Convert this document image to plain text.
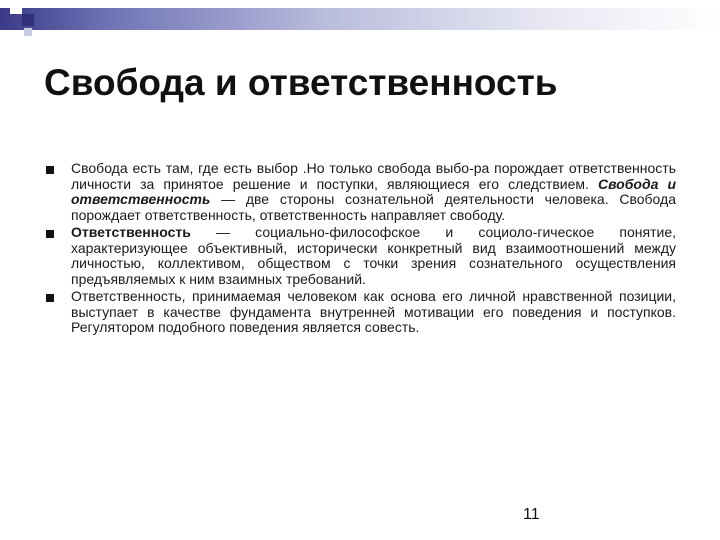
Свобода и ответственность
Свобода есть там, где есть выбор .Но только свобода выбо-ра порождает ответственность личности за принятое решение и поступки, являющиеся его следствием. Свобода и ответственность — две стороны сознательной деятельности человека. Свобода порождает ответственность, ответственность направляет свободу.
Ответственность — социально-философское и социоло-гическое понятие, характеризующее объективный, исторически конкретный вид взаимоотношений между личностью, коллективом, обществом с точки зрения сознательного осуществления предъявляемых к ним взаимных требований.
Ответственность, принимаемая человеком как основа его личной нравственной позиции, выступает в качестве фундамента внутренней мотивации его поведения и поступков. Регулятором подобного поведения является совесть.
11
